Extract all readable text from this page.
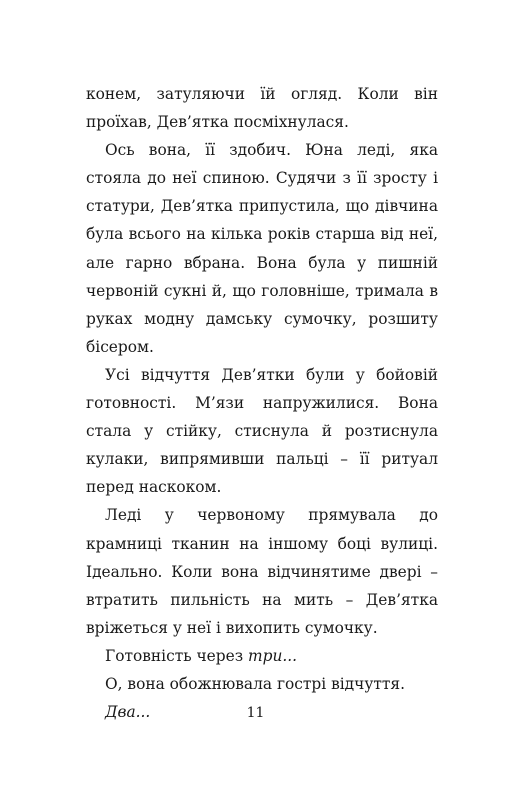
конем, затуляючи їй огляд. Коли він проїхав, Дев’ятка посміхнулася.

Ось вона, її здобич. Юна леді, яка стояла до неї спиною. Судячи з її зросту і статури, Дев’ятка припустила, що дівчина була всього на кілька років старша від неї, але гарно вбрана. Вона була у пишній червоній сукні й, що головніше, тримала в руках модну дамську сумочку, розшиту бісером.

Усі відчуття Дев’ятки були у бойовій готовності. М’язи напружилися. Вона стала у стійку, стиснула й розтиснула кулаки, випрямивши пальці – її ритуал перед наскоком.

Леді у червоному прямувала до крамниці тканин на іншому боці вулиці. Ідеально. Коли вона відчинятиме двері – втратить пильність на мить – Дев’ятка вріжеться у неї і вихопить сумочку.

Готовність через три...

О, вона обожнювала гострі відчуття.

Два...	11
